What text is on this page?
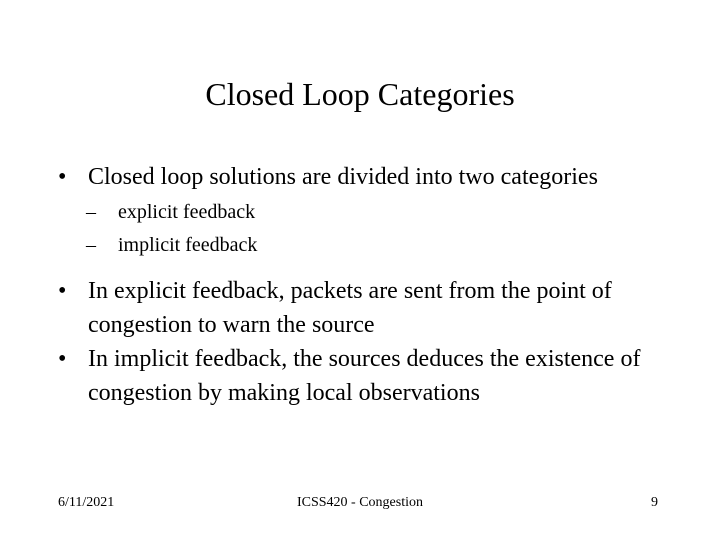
Closed Loop Categories
• Closed loop solutions are divided into two categories
– explicit feedback
– implicit feedback
• In explicit feedback, packets are sent from the point of congestion to warn the source
• In implicit feedback, the sources deduces the existence of congestion by making local observations
6/11/2021	ICSS420 - Congestion	9
